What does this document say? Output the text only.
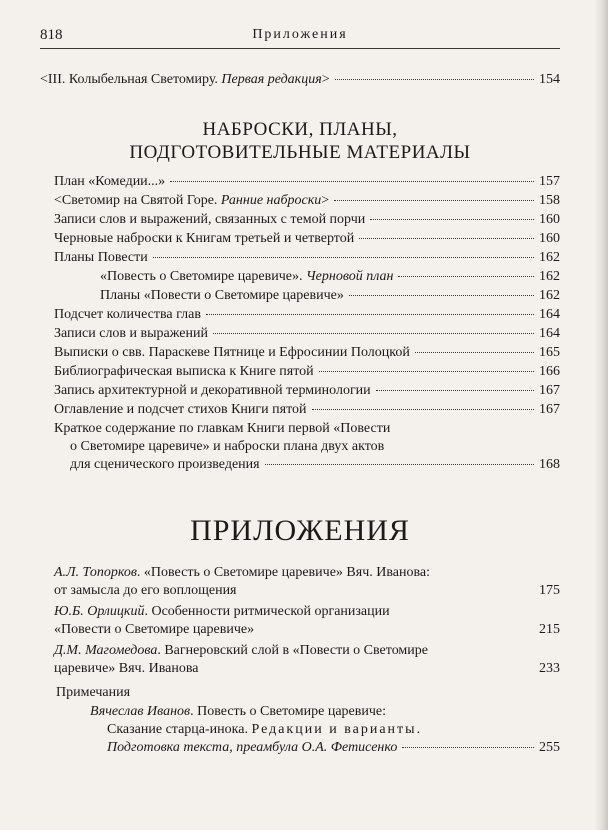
818	Приложения
<III. Колыбельная Светомиру. Первая редакция>	154
НАБРОСКИ, ПЛАНЫ,
ПОДГОТОВИТЕЛЬНЫЕ МАТЕРИАЛЫ
План «Комедии...»	157
<Светомир на Святой Горе. Ранние наброски>	158
Записи слов и выражений, связанных с темой порчи	160
Черновые наброски к Книгам третьей и четвертой	160
Планы Повести	162
«Повесть о Светомире царевиче». Черновой план	162
Планы «Повести о Светомире царевиче»	162
Подсчет количества глав	164
Записи слов и выражений	164
Выписки о свв. Параскеве Пятнице и Ефросинии Полоцкой	165
Библиографическая выписка к Книге пятой	166
Запись архитектурной и декоративной терминологии	167
Оглавление и подсчет стихов Книги пятой	167
Краткое содержание по главкам Книги первой «Повести
о Светомире царевиче» и наброски плана двух актов
для сценического произведения	168
ПРИЛОЖЕНИЯ
А.Л. Топорков. «Повесть о Светомире царевиче» Вяч. Иванова:
от замысла до его воплощения	175
Ю.Б. Орлицкий. Особенности ритмической организации
«Повести о Светомире царевиче»	215
Д.М. Магомедова. Вагнеровский слой в «Повести о Светомире
царевиче» Вяч. Иванова	233
Примечания
Вячеслав Иванов. Повесть о Светомире царевиче:
Сказание старца-инока. Редакции и варианты.
Подготовка текста, преамбула О.А. Фетисенко	255
